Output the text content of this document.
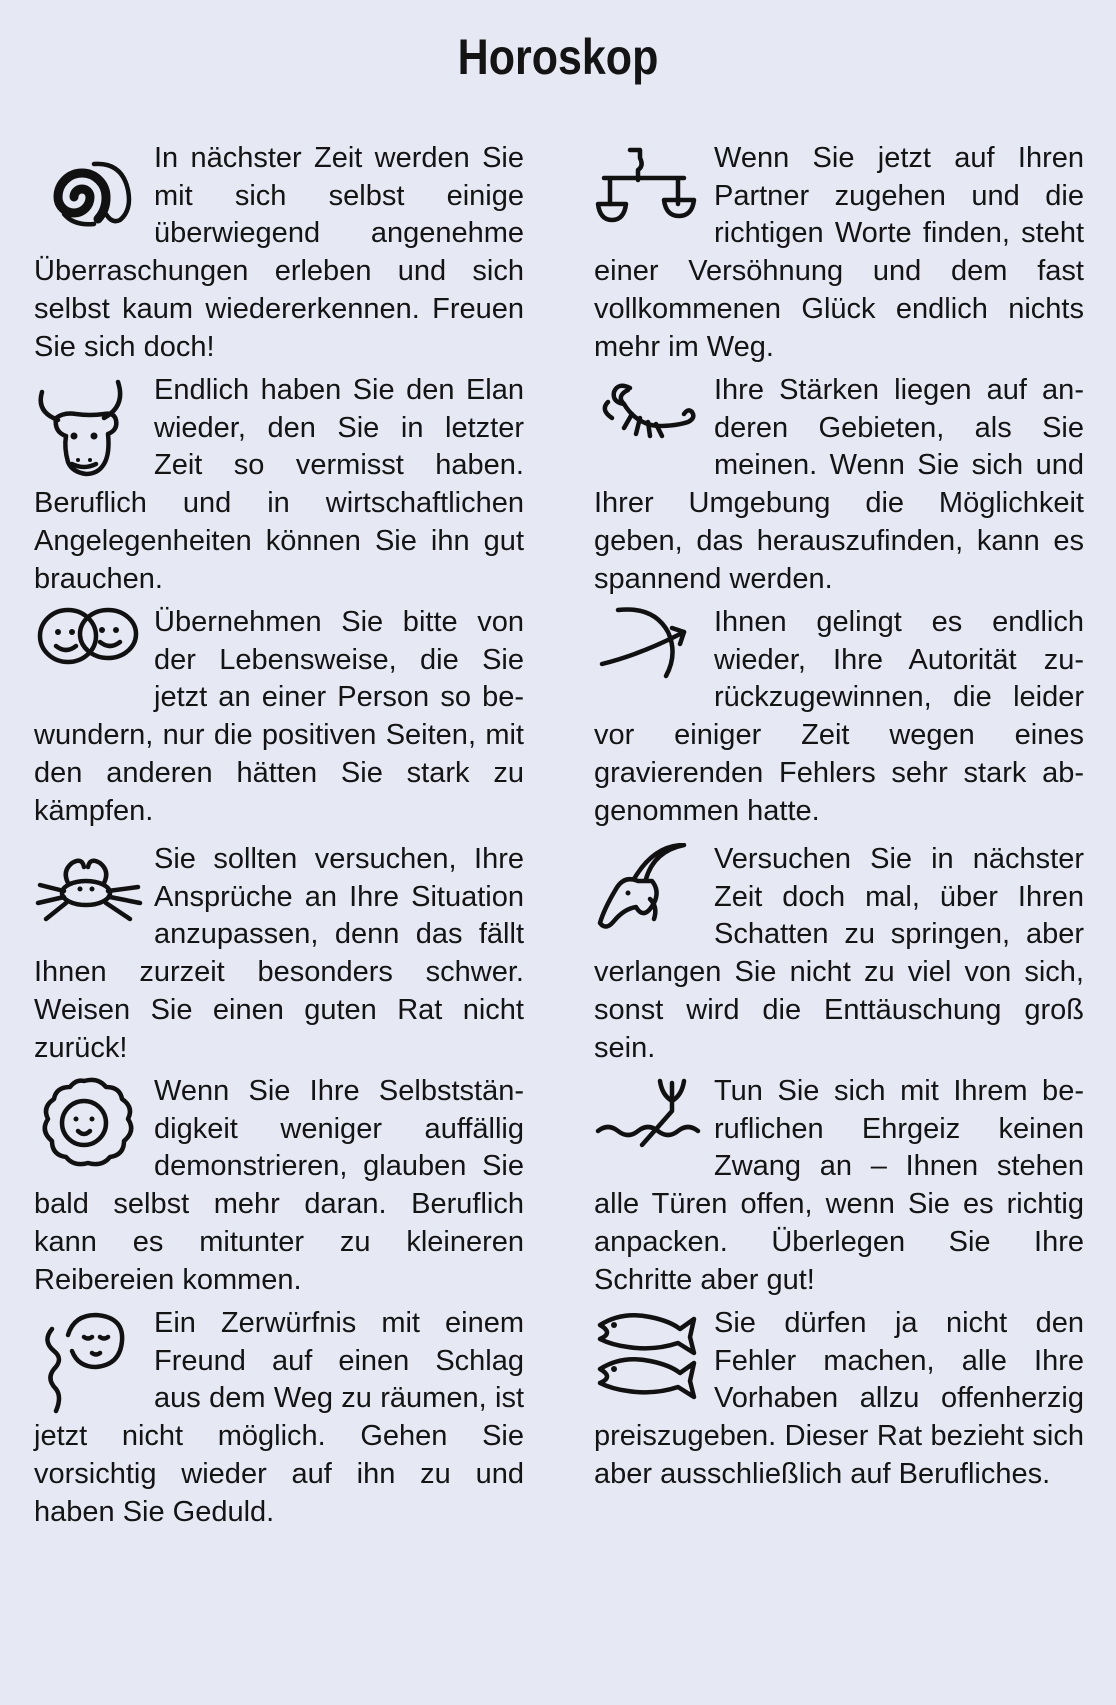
Horoskop

In nächster Zeit werden Sie mit sich selbst einige überwiegend angenehme Überraschungen erleben und sich selbst kaum wiedererkennen. Freuen Sie sich doch!

Endlich haben Sie den Elan wieder, den Sie in letzter Zeit so vermisst haben. Beruflich und in wirtschaftlichen Angelegenheiten können Sie ihn gut brauchen.

Übernehmen Sie bitte von der Lebensweise, die Sie jetzt an einer Person so bewundern, nur die positiven Seiten, mit den anderen hätten Sie stark zu kämpfen.

Sie sollten versuchen, Ihre Ansprüche an Ihre Situation anzupassen, denn das fällt Ihnen zurzeit besonders schwer. Weisen Sie einen guten Rat nicht zurück!

Wenn Sie Ihre Selbstständigkeit weniger auffällig demonstrieren, glauben Sie bald selbst mehr daran. Beruflich kann es mitunter zu kleineren Reibereien kommen.

Ein Zerwürfnis mit einem Freund auf einen Schlag aus dem Weg zu räumen, ist jetzt nicht möglich. Gehen Sie vorsichtig wieder auf ihn zu und haben Sie Geduld.

Wenn Sie jetzt auf Ihren Partner zugehen und die richtigen Worte finden, steht einer Versöhnung und dem fast vollkommenen Glück endlich nichts mehr im Weg.

Ihre Stärken liegen auf anderen Gebieten, als Sie meinen. Wenn Sie sich und Ihrer Umgebung die Möglichkeit geben, das herauszufinden, kann es spannend werden.

Ihnen gelingt es endlich wieder, Ihre Autorität zurückzugewinnen, die leider vor einiger Zeit wegen eines gravierenden Fehlers sehr stark abgenommen hatte.

Versuchen Sie in nächster Zeit doch mal, über Ihren Schatten zu springen, aber verlangen Sie nicht zu viel von sich, sonst wird die Enttäuschung groß sein.

Tun Sie sich mit Ihrem beruflichen Ehrgeiz keinen Zwang an – Ihnen stehen alle Türen offen, wenn Sie es richtig anpacken. Überlegen Sie Ihre Schritte aber gut!

Sie dürfen ja nicht den Fehler machen, alle Ihre Vorhaben allzu offenherzig preiszugeben. Dieser Rat bezieht sich aber ausschließlich auf Berufliches.
